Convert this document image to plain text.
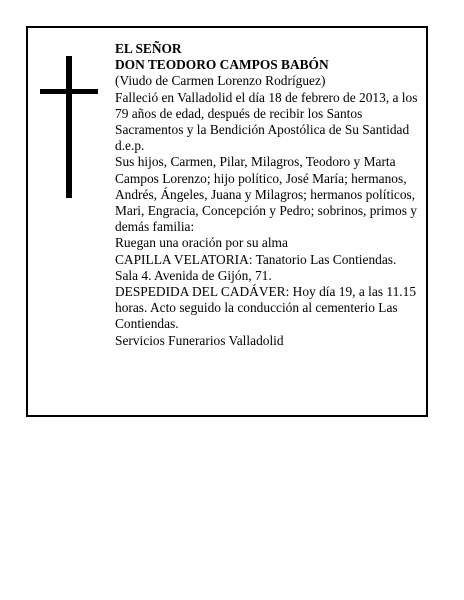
EL SEÑOR

DON TEODORO CAMPOS BABÓN

(Viudo de Carmen Lorenzo Rodríguez)

Falleció en Valladolid el día 18 de febrero de 2013, a los 79 años de edad, después de recibir los Santos Sacramentos y la Bendición Apostólica de Su Santidad

d.e.p.

Sus hijos, Carmen, Pilar, Milagros, Teodoro y Marta Campos Lorenzo; hijo político, José María; hermanos, Andrés, Ángeles, Juana y Milagros; hermanos políticos, Mari, Engracia, Concepción y Pedro; sobrinos, primos y demás familia:

Ruegan una oración por su alma

CAPILLA VELATORIA: Tanatorio Las Contiendas. Sala 4. Avenida de Gijón, 71.

DESPEDIDA DEL CADÁVER: Hoy día 19, a las 11.15 horas. Acto seguido la conducción al cementerio Las Contiendas.

Servicios Funerarios Valladolid
